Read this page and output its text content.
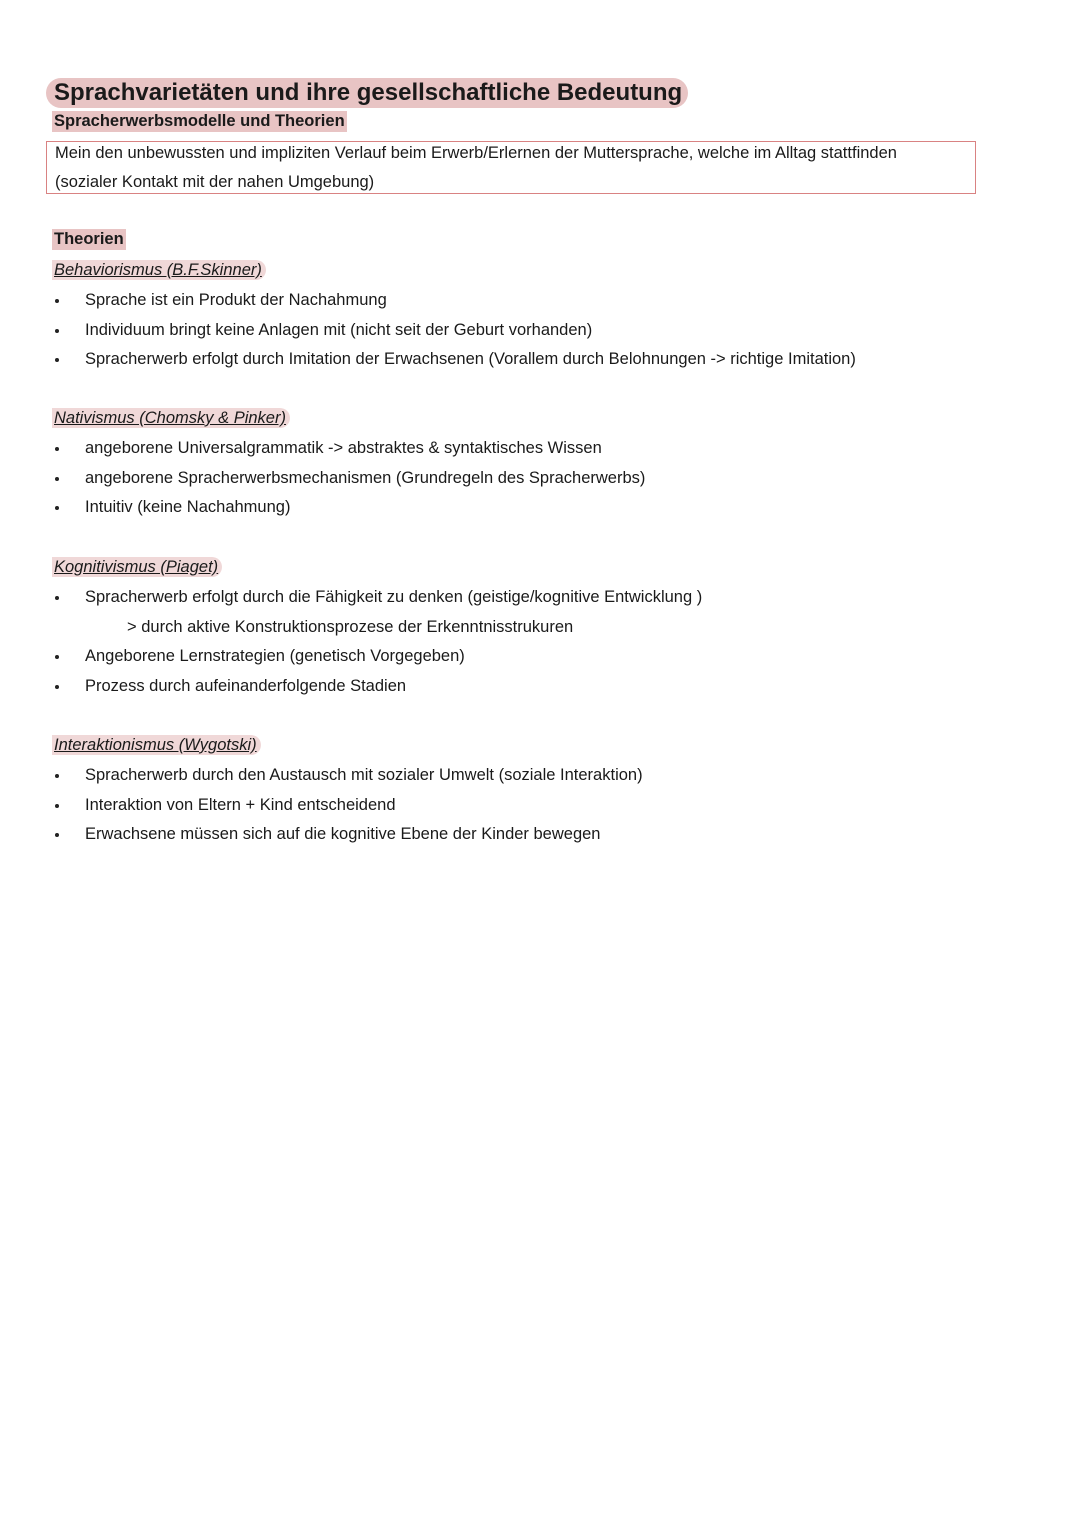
Sprachvarietäten und ihre gesellschaftliche Bedeutung
Spracherwerbsmodelle und Theorien
Mein den unbewussten und impliziten Verlauf beim Erwerb/Erlernen der Muttersprache, welche im Alltag stattfinden
(sozialer Kontakt mit der nahen Umgebung)
Theorien
Behaviorismus (B.F.Skinner)
Sprache ist ein Produkt der Nachahmung
Individuum bringt keine Anlagen mit (nicht seit der Geburt vorhanden)
Spracherwerb erfolgt durch Imitation der Erwachsenen (Vorallem durch Belohnungen -> richtige Imitation)
Nativismus (Chomsky & Pinker)
angeborene Universalgrammatik -> abstraktes & syntaktisches Wissen
angeborene Spracherwerbsmechanismen (Grundregeln des Spracherwerbs)
Intuitiv (keine Nachahmung)
Kognitivismus (Piaget)
Spracherwerb erfolgt durch die Fähigkeit zu denken (geistige/kognitive Entwicklung )
> durch aktive Konstruktionsprozese der Erkenntnisstrukuren
Angeborene Lernstrategien (genetisch Vorgegeben)
Prozess durch aufeinanderfolgende Stadien
Interaktionismus (Wygotski)
Spracherwerb durch den Austausch mit sozialer Umwelt (soziale Interaktion)
Interaktion von Eltern + Kind entscheidend
Erwachsene müssen sich auf die kognitive Ebene der Kinder bewegen
